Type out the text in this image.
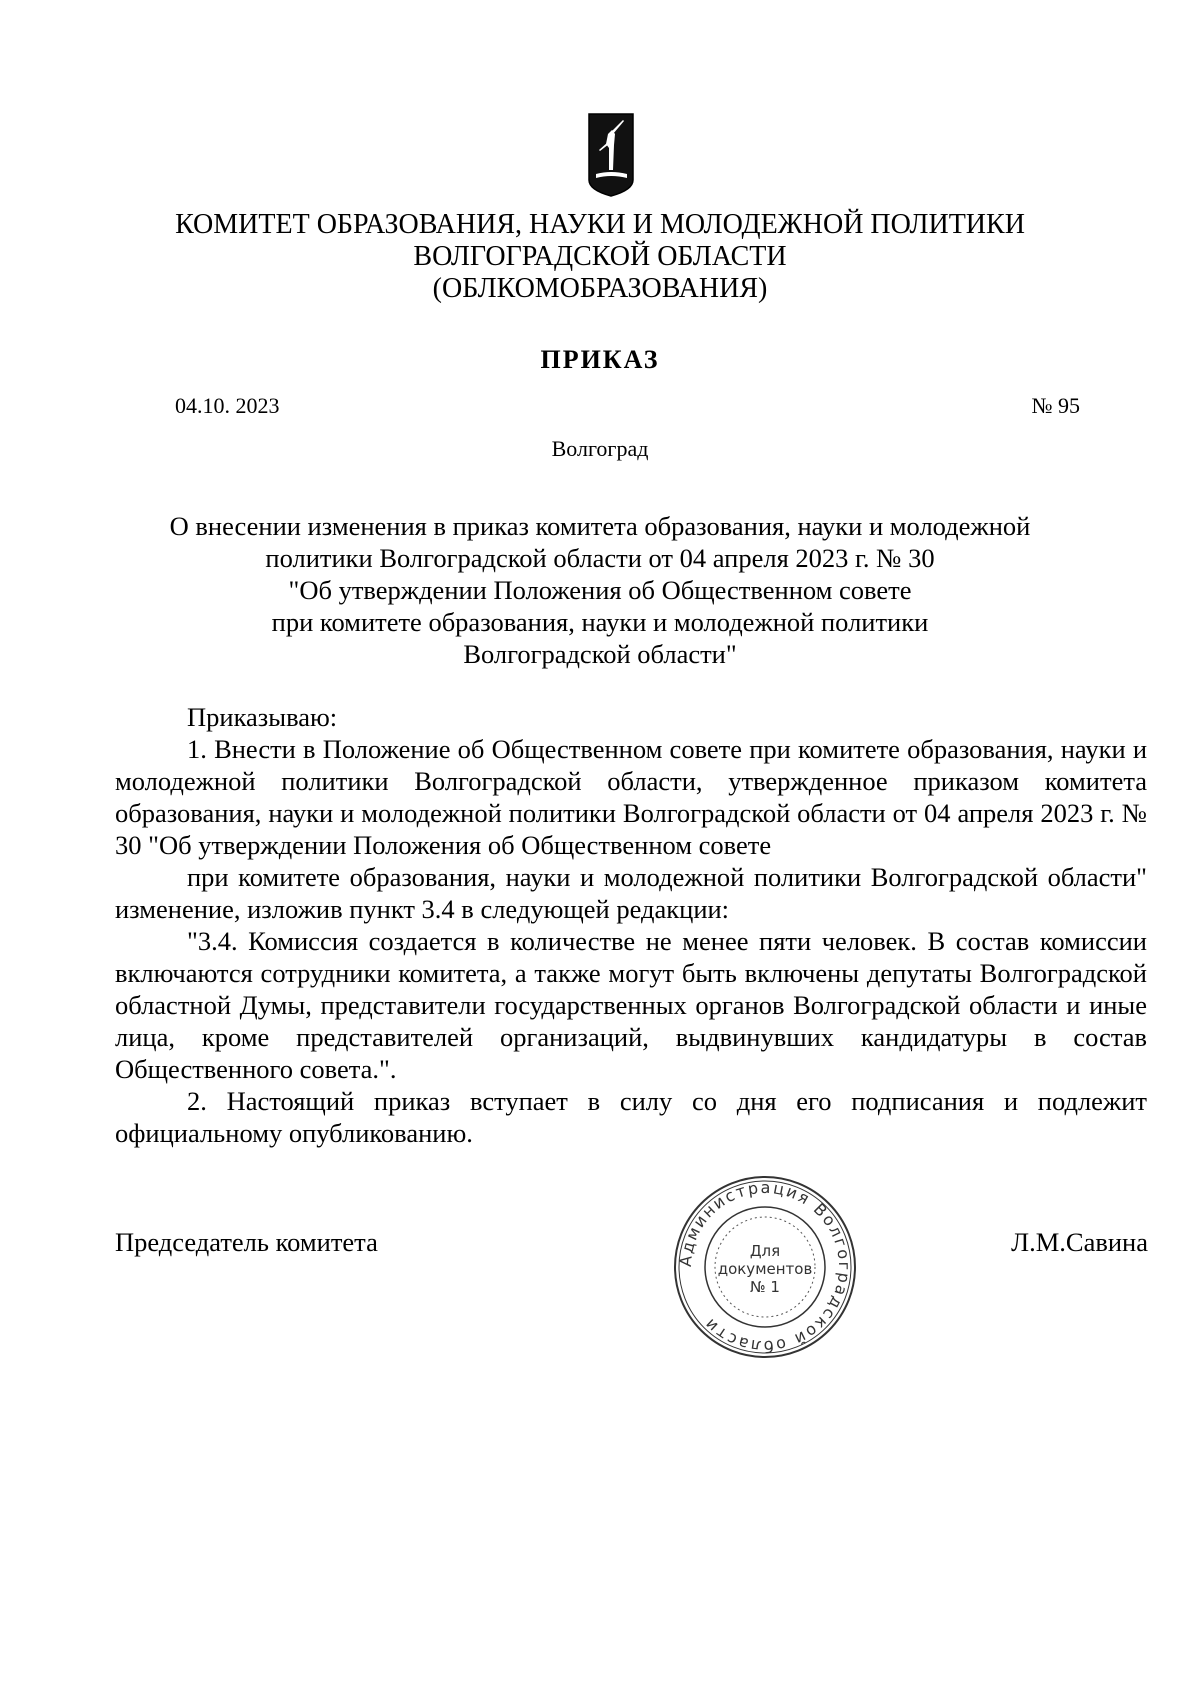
КОМИТЕТ ОБРАЗОВАНИЯ, НАУКИ И МОЛОДЕЖНОЙ ПОЛИТИКИ
ВОЛГОГРАДСКОЙ ОБЛАСТИ
(ОБЛКОМОБРАЗОВАНИЯ)
ПРИКАЗ
04.10. 2023	№ 95
Волгоград
О внесении изменения в приказ комитета образования, науки и молодежной
политики Волгоградской области от 04 апреля 2023 г. № 30
"Об утверждении Положения об Общественном совете
при комитете образования, науки и молодежной политики
Волгоградской области"

Приказываю:

1. Внести в Положение об Общественном совете при комитете образования, науки и молодежной политики Волгоградской области, утвержденное приказом комитета образования, науки и молодежной политики Волгоградской области от 04 апреля 2023 г. № 30 "Об утверждении Положения об Общественном совете

при комитете образования, науки и молодежной политики Волгоградской области" изменение, изложив пункт 3.4 в следующей редакции:

"3.4. Комиссия создается в количестве не менее пяти человек. В состав комиссии включаются сотрудники комитета, а также могут быть включены депутаты Волгоградской областной Думы, представители государственных органов Волгоградской области и иные лица, кроме представителей организаций, выдвинувших кандидатуры в состав Общественного совета.".

2. Настоящий приказ вступает в силу со дня его подписания и подлежит официальному опубликованию.

Председатель комитета	Л.М.Савина
Администрация Волгоградской области
Для
документов
№ 1
